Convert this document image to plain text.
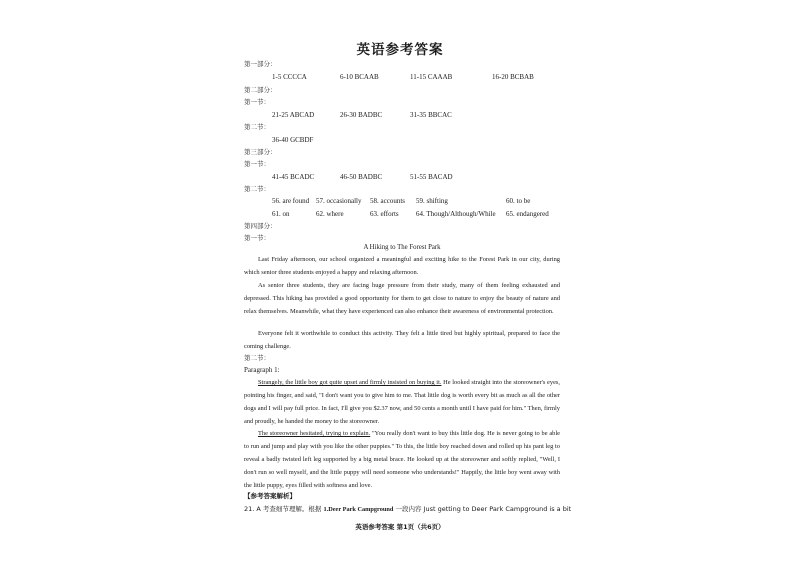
英语参考答案
第一部分：
1-5 CCCCA	6-10 BCAAB	11-15 CAAAB	16-20 BCBAB
第二部分：
第一节：
21-25 ABCAD	26-30 BADBC	31-35 BBCAC
第二节：
36-40 GCBDF
第三部分：
第一节：
41-45 BCADC	46-50 BADBC	51-55 BACAD
第二节：
56. are found 57. occasionally 58. accounts 59. shifting	60. to be
61. on	62. where	63. efforts 64. Though/Although/While 65. endangered
第四部分：
第一节：
A Hiking to The Forest Park
Last Friday afternoon, our school organized a meaningful and exciting hike to the Forest Park in our city, during which senior three students enjoyed a happy and relaxing afternoon.
As senior three students, they are facing huge pressure from their study, many of them feeling exhausted and depressed. This hiking has provided a good opportunity for them to get close to nature to enjoy the beauty of nature and relax themselves. Meanwhile, what they have experienced can also enhance their awareness of environmental protection.
Everyone felt it worthwhile to conduct this activity. They felt a little tired but highly spiritual, prepared to face the coming challenge.
第二节：
Paragraph 1:
Strangely, the little boy got quite upset and firmly insisted on buying it. He looked straight into the storeowner's eyes, pointing his finger, and said, "I don't want you to give him to me. That little dog is worth every bit as much as all the other dogs and I will pay full price. In fact, I'll give you $2.37 now, and 50 cents a month until I have paid for him." Then, firmly and proudly, he handed the money to the storeowner.
The storeowner hesitated, trying to explain. "You really don't want to buy this little dog. He is never going to be able to run and jump and play with you like the other puppies." To this, the little boy reached down and rolled up his pant leg to reveal a badly twisted left leg supported by a big metal brace. He looked up at the storeowner and softly replied, "Well, I don't run so well myself, and the little puppy will need someone who understands!" Happily, the little boy went away with the little puppy, eyes filled with softness and love.
【参考答案解析】
21. A 考查细节理解。根据 1.Deer Park Campground 一段内容 Just getting to Deer Park Campground is a bit
英语参考答案 第1页（共6页）
